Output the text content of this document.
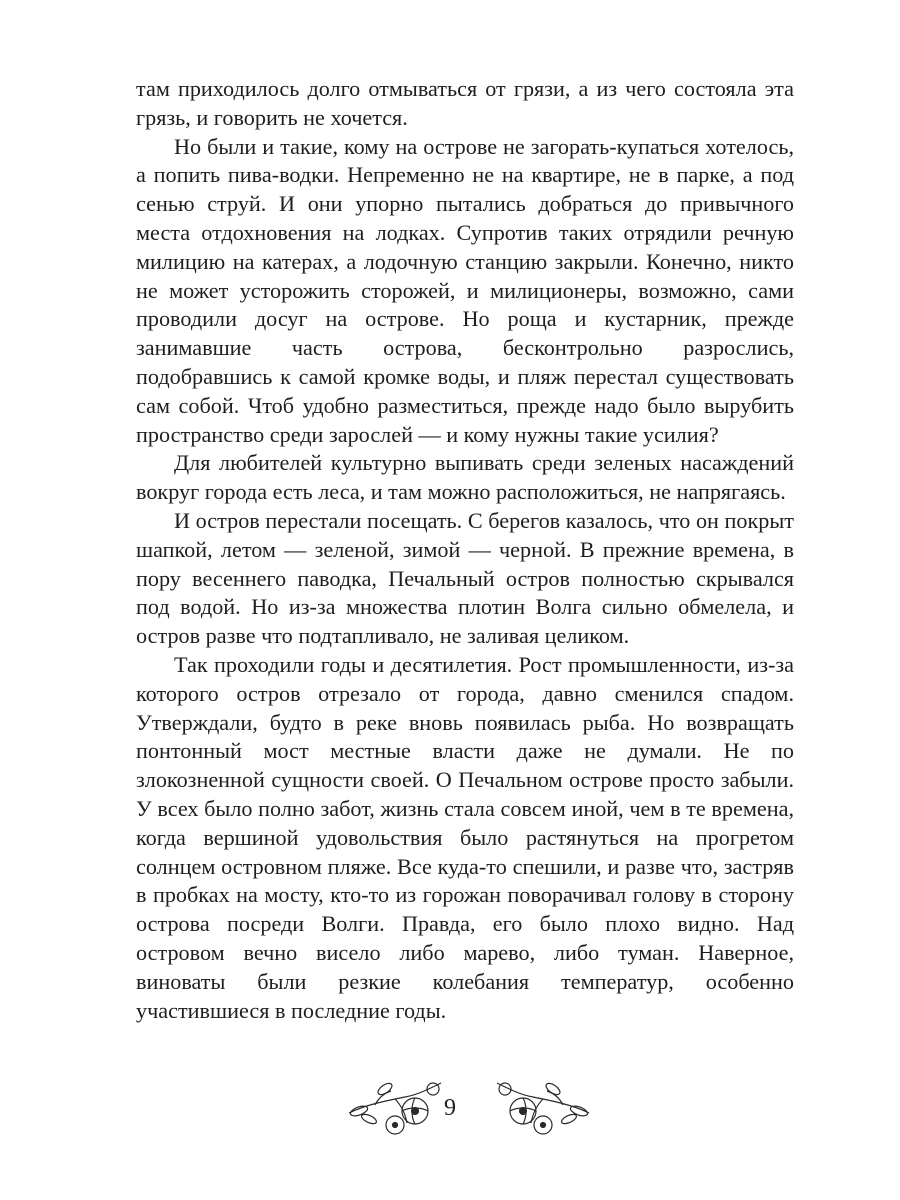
там приходилось долго отмываться от грязи, а из чего состояла эта грязь, и говорить не хочется.

Но были и такие, кому на острове не загорать-купаться хотелось, а попить пива-водки. Непременно не на квартире, не в парке, а под сенью струй. И они упорно пытались добраться до привычного места отдохновения на лодках. Супротив таких отрядили речную милицию на катерах, а лодочную станцию закрыли. Конечно, никто не может усторожить сторожей, и милиционеры, возможно, сами проводили досуг на острове. Но роща и кустарник, прежде занимавшие часть острова, бесконтрольно разрослись, подобравшись к самой кромке воды, и пляж перестал существовать сам собой. Чтоб удобно разместиться, прежде надо было вырубить пространство среди зарослей — и кому нужны такие усилия?

Для любителей культурно выпивать среди зеленых насаждений вокруг города есть леса, и там можно расположиться, не напрягаясь.

И остров перестали посещать. С берегов казалось, что он покрыт шапкой, летом — зеленой, зимой — черной. В прежние времена, в пору весеннего паводка, Печальный остров полностью скрывался под водой. Но из-за множества плотин Волга сильно обмелела, и остров разве что подтапливало, не заливая целиком.

Так проходили годы и десятилетия. Рост промышленности, из-за которого остров отрезало от города, давно сменился спадом. Утверждали, будто в реке вновь появилась рыба. Но возвращать понтонный мост местные власти даже не думали. Не по злокозненной сущности своей. О Печальном острове просто забыли. У всех было полно забот, жизнь стала совсем иной, чем в те времена, когда вершиной удовольствия было растянуться на прогретом солнцем островном пляже. Все куда-то спешили, и разве что, застряв в пробках на мосту, кто-то из горожан поворачивал голову в сторону острова посреди Волги. Правда, его было плохо видно. Над островом вечно висело либо марево, либо туман. Наверное, виноваты были резкие колебания температур, особенно участившиеся в последние годы.

9
